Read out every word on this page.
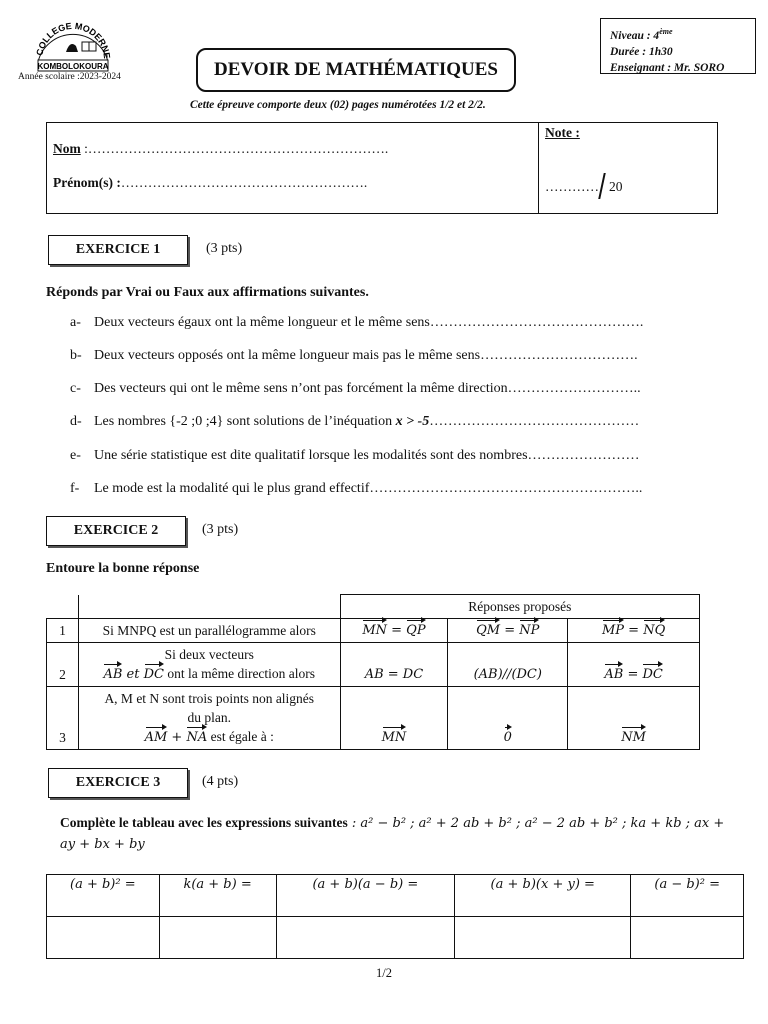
COLLEGE MODERNE
KOMBOLOKOURA
Année scolaire :2023-2024	DEVOIR DE MATHÉMATIQUES
Niveau : 4ème
Durée : 1h30
Enseignant : Mr. SORO
Cette épreuve comporte deux (02) pages numérotées 1/2 et 2/2.
Nom :………………………………………………………….
Prénom(s) :……………………………………………….
Note :
………… 20
EXERCICE 1	(3 pts)
Réponds par Vrai ou Faux aux affirmations suivantes.
a- Deux vecteurs égaux ont la même longueur et le même sens……………………………………….
b- Deux vecteurs opposés ont la même longueur mais pas le même sens…………………………….
c- Des vecteurs qui ont le même sens n’ont pas forcément la même direction………………………..
d- Les nombres {-2 ;0 ;4} sont solutions de l’inéquation x > -5………………………………………
e- Une série statistique est dite qualitatif lorsque les modalités sont des nombres……………………
f- Le mode est la modalité qui le plus grand effectif…………………………………………………..
EXERCICE 2	(3 pts)
Entoure la bonne réponse
		Réponses proposés		
1	Si MNPQ est un parallélogramme alors	MN = QP	QM = NP	MP = NQ
2	Si deux vecteurs
AB et DC ont la même direction alors	AB = DC	(AB)//(DC)	AB = DC
3	A, M et N sont trois points non alignés
du plan.
AM + NA est égale à :	MN	0	NM
EXERCICE 3	(4 pts)
Complète le tableau avec les expressions suivantes : a² − b² ; a² + 2 ab + b² ; a² − 2 ab + b² ; ka + kb ; ax + ay + bx + by
(a + b)² =	k(a + b) =	(a + b)(a − b) =	(a + b)(x + y) =	(a − b)² =

1/2
